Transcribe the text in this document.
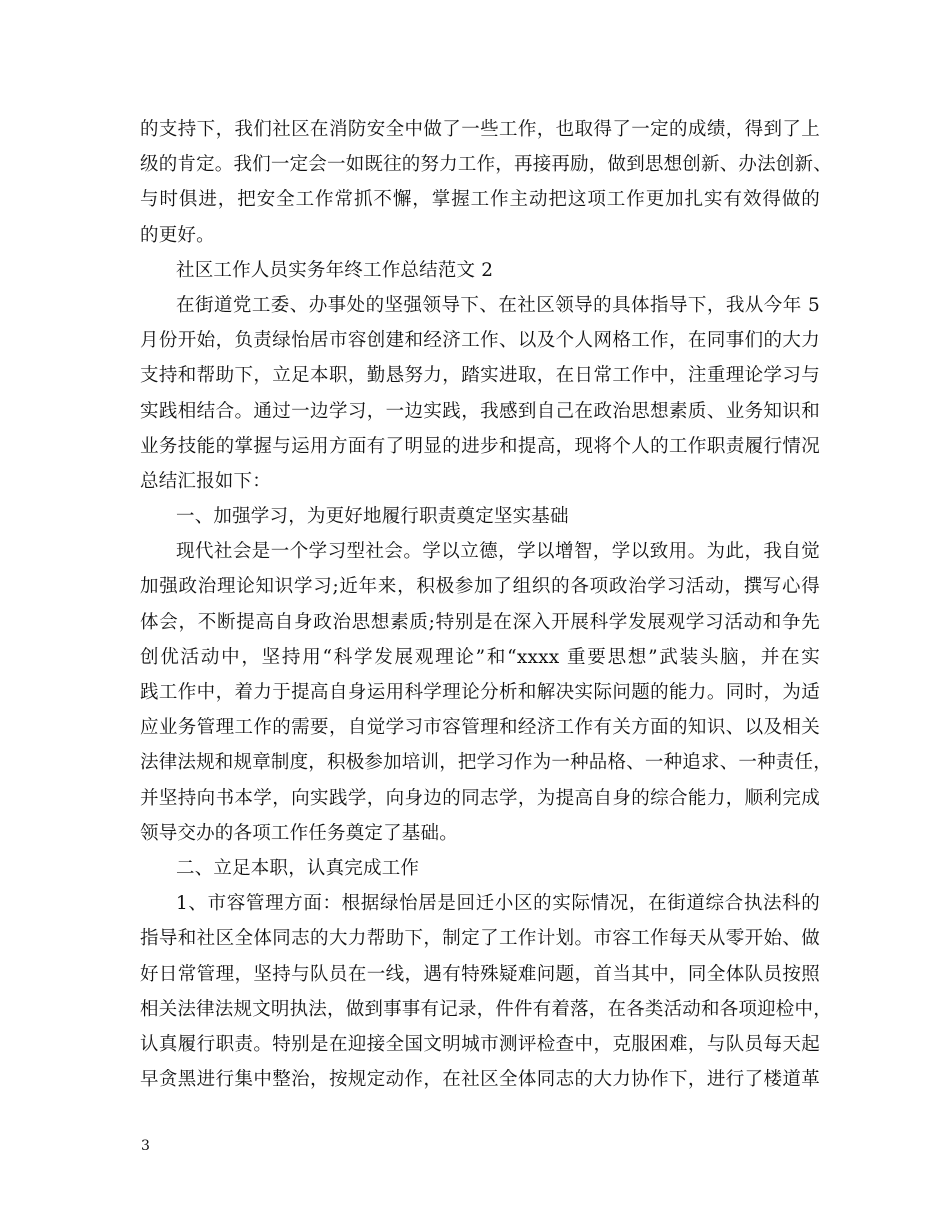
的支持下，我们社区在消防安全中做了一些工作，也取得了一定的成绩，得到了上
级的肯定。我们一定会一如既往的努力工作，再接再励，做到思想创新、办法创新、
与时俱进，把安全工作常抓不懈，掌握工作主动把这项工作更加扎实有效得做的
的更好。
社区工作人员实务年终工作总结范文 2
在街道党工委、办事处的坚强领导下、在社区领导的具体指导下，我从今年 5
月份开始，负责绿怡居市容创建和经济工作、以及个人网格工作，在同事们的大力
支持和帮助下，立足本职，勤恳努力，踏实进取，在日常工作中，注重理论学习与
实践相结合。通过一边学习，一边实践，我感到自己在政治思想素质、业务知识和
业务技能的掌握与运用方面有了明显的进步和提高，现将个人的工作职责履行情况
总结汇报如下：
一、加强学习，为更好地履行职责奠定坚实基础
现代社会是一个学习型社会。学以立德，学以增智，学以致用。为此，我自觉
加强政治理论知识学习;近年来，积极参加了组织的各项政治学习活动，撰写心得
体会，不断提高自身政治思想素质;特别是在深入开展科学发展观学习活动和争先
创优活动中，坚持用“科学发展观理论”和“xxxx 重要思想”武装头脑，并在实
践工作中，着力于提高自身运用科学理论分析和解决实际问题的能力。同时，为适
应业务管理工作的需要，自觉学习市容管理和经济工作有关方面的知识、以及相关
法律法规和规章制度，积极参加培训，把学习作为一种品格、一种追求、一种责任，
并坚持向书本学，向实践学，向身边的同志学，为提高自身的综合能力，顺利完成
领导交办的各项工作任务奠定了基础。
二、立足本职，认真完成工作
1、市容管理方面：根据绿怡居是回迁小区的实际情况，在街道综合执法科的
指导和社区全体同志的大力帮助下，制定了工作计划。市容工作每天从零开始、做
好日常管理，坚持与队员在一线，遇有特殊疑难问题，首当其中，同全体队员按照
相关法律法规文明执法，做到事事有记录，件件有着落，在各类活动和各项迎检中，
认真履行职责。特别是在迎接全国文明城市测评检查中，克服困难，与队员每天起
早贪黑进行集中整治，按规定动作，在社区全体同志的大力协作下，进行了楼道革
3
